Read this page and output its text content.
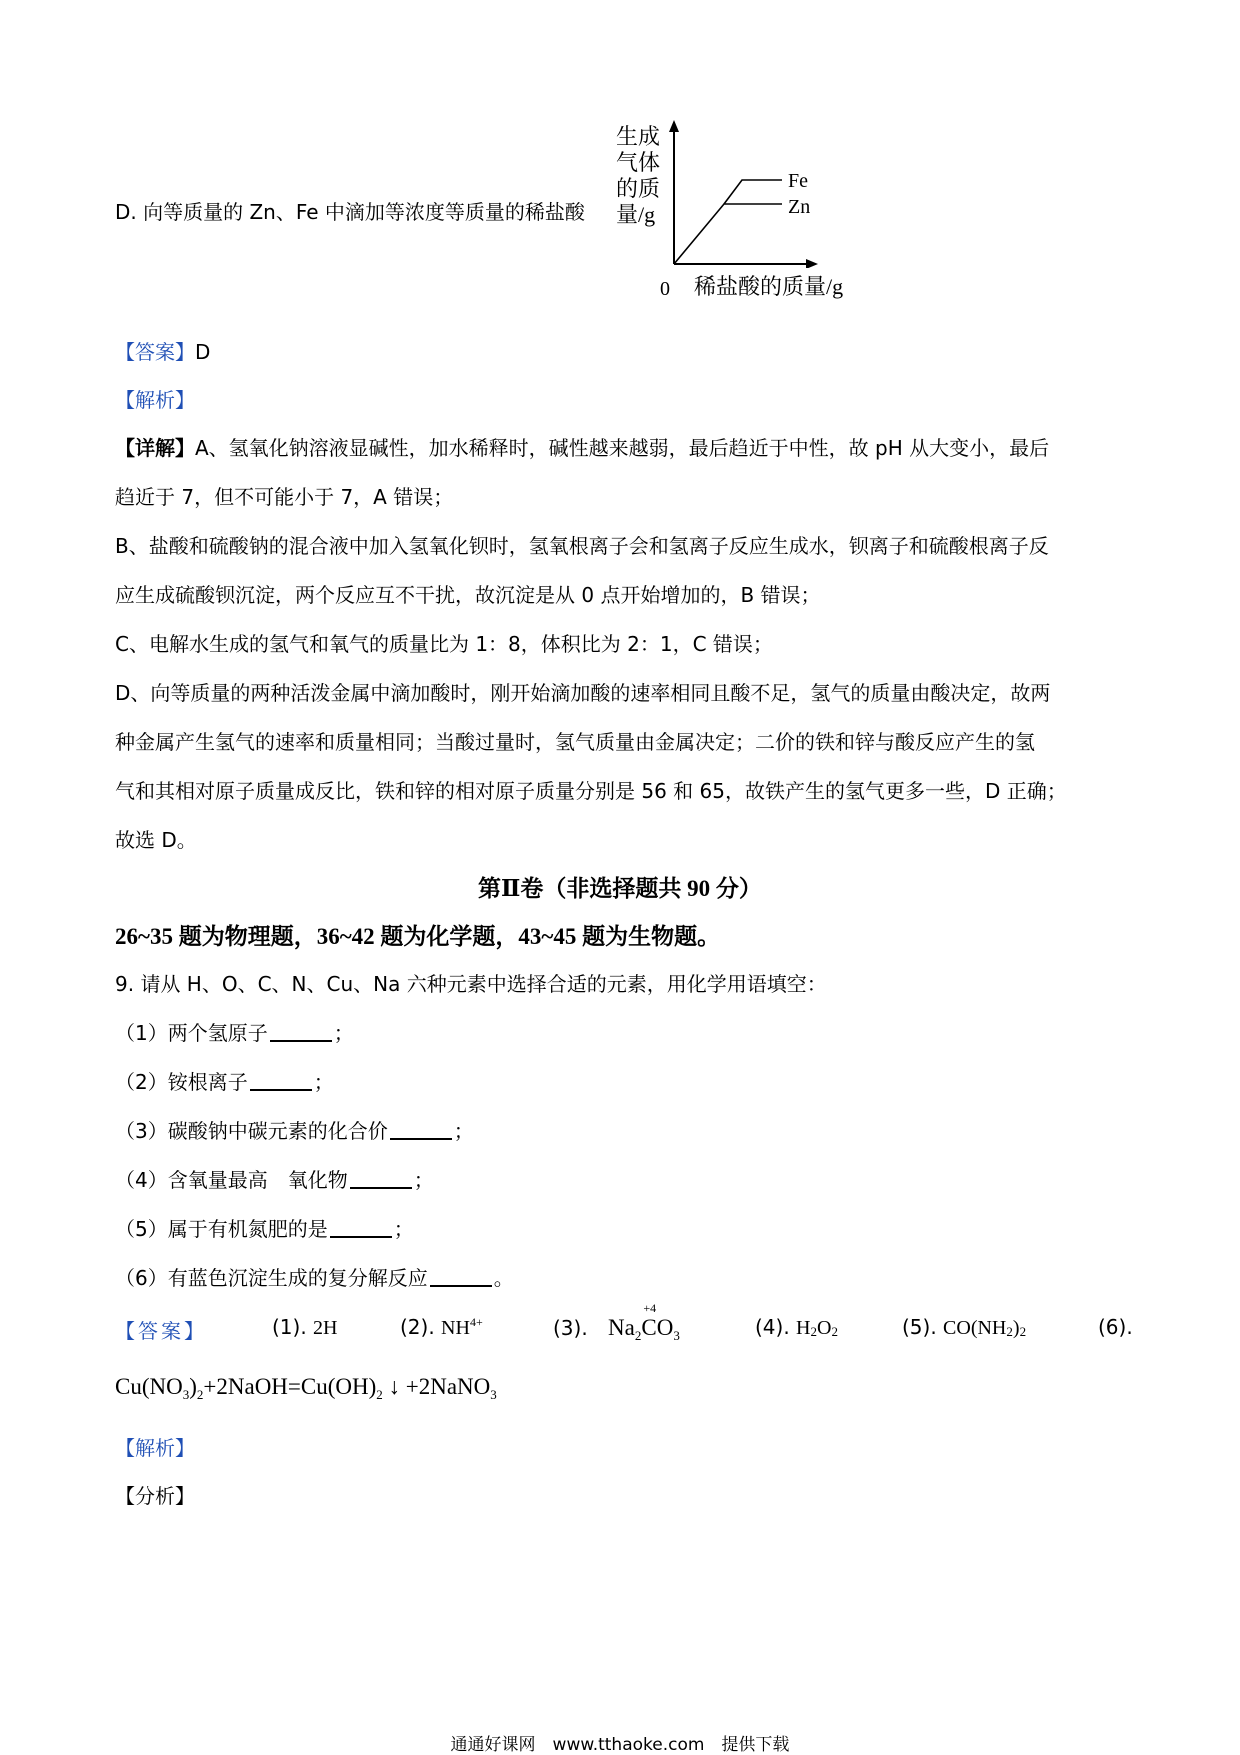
D. 向等质量的 Zn、Fe 中滴加等浓度等质量的稀盐酸
生成
气体
的质
量/g
Fe
Zn
0 稀盐酸的质量/g
【答案】D
【解析】
【详解】A、氢氧化钠溶液显碱性，加水稀释时，碱性越来越弱，最后趋近于中性，故 pH 从大变小，最后
趋近于 7，但不可能小于 7，A 错误；
B、盐酸和硫酸钠的混合液中加入氢氧化钡时，氢氧根离子会和氢离子反应生成水，钡离子和硫酸根离子反
应生成硫酸钡沉淀，两个反应互不干扰，故沉淀是从 0 点开始增加的，B 错误；
C、电解水生成的氢气和氧气的质量比为 1：8，体积比为 2：1，C 错误；
D、向等质量的两种活泼金属中滴加酸时，刚开始滴加酸的速率相同且酸不足，氢气的质量由酸决定，故两
种金属产生氢气的速率和质量相同；当酸过量时，氢气质量由金属决定；二价的铁和锌与酸反应产生的氢
气和其相对原子质量成反比，铁和锌的相对原子质量分别是 56 和 65，故铁产生的氢气更多一些，D 正确；
故选 D。
第Ⅱ卷（非选择题共 90 分）
26~35 题为物理题，36~42 题为化学题，43~45 题为生物题。
9. 请从 H、O、C、N、Cu、Na 六种元素中选择合适的元素，用化学用语填空：
（1）两个氢原子	；
（2）铵根离子	；
（3）碳酸钠中碳元素的化合价	；
（4）含氧量最高　氧化物	；
（5）属于有机氮肥的是	；
（6）有蓝色沉淀生成的复分解反应	。
【答案】	(1). 2H	(2). $NH^{4+}$	(3). $Na_2$
+4
$CO_3$	(4). H2O2	(5). CO(NH2)2	(6).
$Cu(NO_3)_2+2NaOH=Cu(OH)_2$ ↓ +2NaNO$_3$
【解析】
【分析】
通通好课网　www.tthaoke.com　提供下载
